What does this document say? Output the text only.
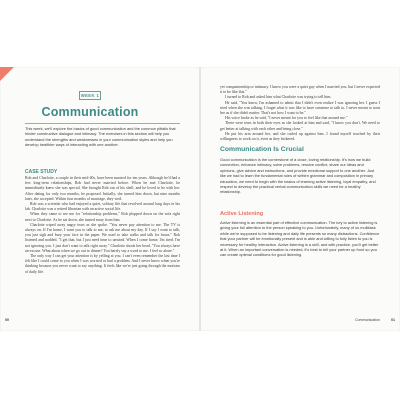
WEEK 1
Communication

This week, we'll explore the basics of good communication and the common pitfalls that hinder constructive dialogue and intimacy. The exercises in this section will help you understand the strengths and weaknesses in your communication styles and help you develop healthier ways of interacting with one another.

CASE STUDY

Rob and Charlotte, a couple in their mid-40s, have been married for ten years. Although he'd had a few long-term relationships, Rob had never married before. When he met Charlotte, he immediately knew she was special. She brought Rob out of his shell, and he loved to be with her. After dating for only two months, he proposed. Initially, she turned him down, but nine months later, she accepted. Within four months of marriage, they wed.

Rob was a scientist who had enjoyed a quiet, solitary life that revolved around long days in his lab. Charlotte was a retired librarian with an active social life.

When they came to see me for "relationship problems," Rob plopped down on the sofa right next to Charlotte. As he sat down, she turned away from him.

Charlotte wiped away angry tears as she spoke. "You never pay attention to me. The TV is always on. If I'm home, I want you to talk to me, to ask me about my day. If I say I want to talk, you just sigh and bury your face in the paper. We used to take walks and talk for hours." Rob listened and nodded. "I get that, but I just need time to unwind. When I come home, I'm tired. I'm not ignoring you. I just don't want to talk right away." Charlotte shook her head. "You always have an excuse. What about when we go out to dinner? You barely say a word to me. I feel so alone."

The only way I can get your attention is by yelling at you. I can't even remember the last time I felt like I could come to you when I was worried or had a problem. And I never know when you're thinking because you never want to say anything. It feels like we're just going through the motions of daily life.

00

yet companionship or intimacy. I know you were a quiet guy when I married you, but I never expected it to be like this."

I turned to Rob and asked him what Charlotte was trying to tell him.

He said, "You know, I'm ashamed to admit that I didn't even realize I was ignoring her. I guess I tried when she was talking. I forget what it was like to have someone to talk to. I never meant to treat her as if she didn't matter. That's not how I want to be."

His voice broke as he said, "I never meant for you to feel like that around me."

There were tears in both their eyes as she looked at him and said, "I know you don't. We need to get better at talking with each other and being close."

He put his arm around her, and she curled up against him. I found myself touched by their willingness to work on it, even as they bickered.

Communication Is Crucial

Good communication is the cornerstone of a close, loving relationship. It's how we build connection, enhance intimacy, solve problems, resolve conflict, share our ideas and opinions, give advice and instructions, and provide emotional support to one another. Just like we had to learn the fundamental rules of written grammar and composition in primary education, we need to begin with the basics of learning active listening, loyal empathy, and respect to develop the practical verbal communication skills we need for a healthy relationship.

Active Listening

Active listening is an essential part of effective communication. The key to active listening is giving your full attention to the person speaking to you. Unfortunately, many of us multitask while we're supposed to be listening and daily life presents so many distractions. Confidence that your partner will be emotionally present and is able and willing to fully listen to you is necessary for healthy interaction. Active listening is a skill, and with practice, you'll get better at it. When an important conversation is needed, it's best to tell your partner up front so you can create optimal conditions for good listening.

Communication	01
